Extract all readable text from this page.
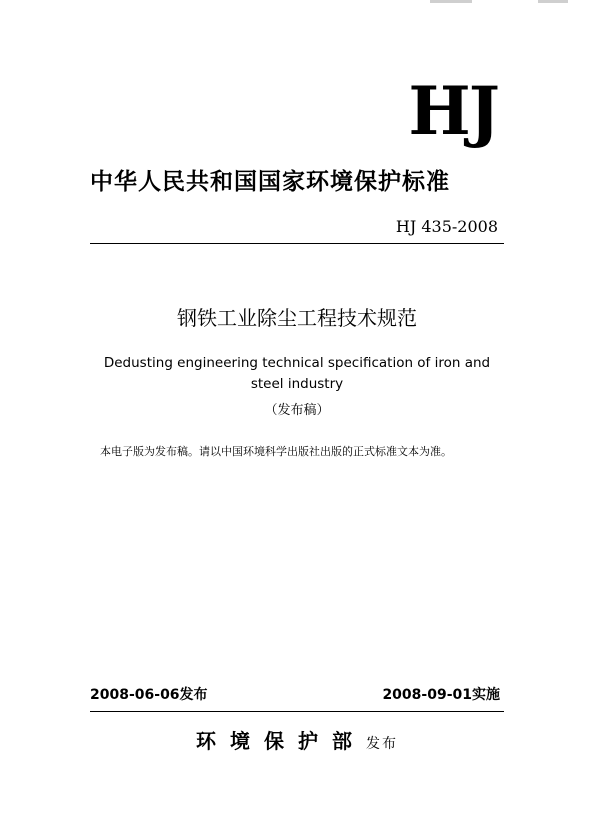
HJ
中华人民共和国国家环境保护标准
HJ 435-2008
钢铁工业除尘工程技术规范
Dedusting engineering technical specification of iron and steel industry
（发布稿）
本电子版为发布稿。请以中国环境科学出版社出版的正式标准文本为准。
2008-06-06发布	2008-09-01实施
环境保护部发布
